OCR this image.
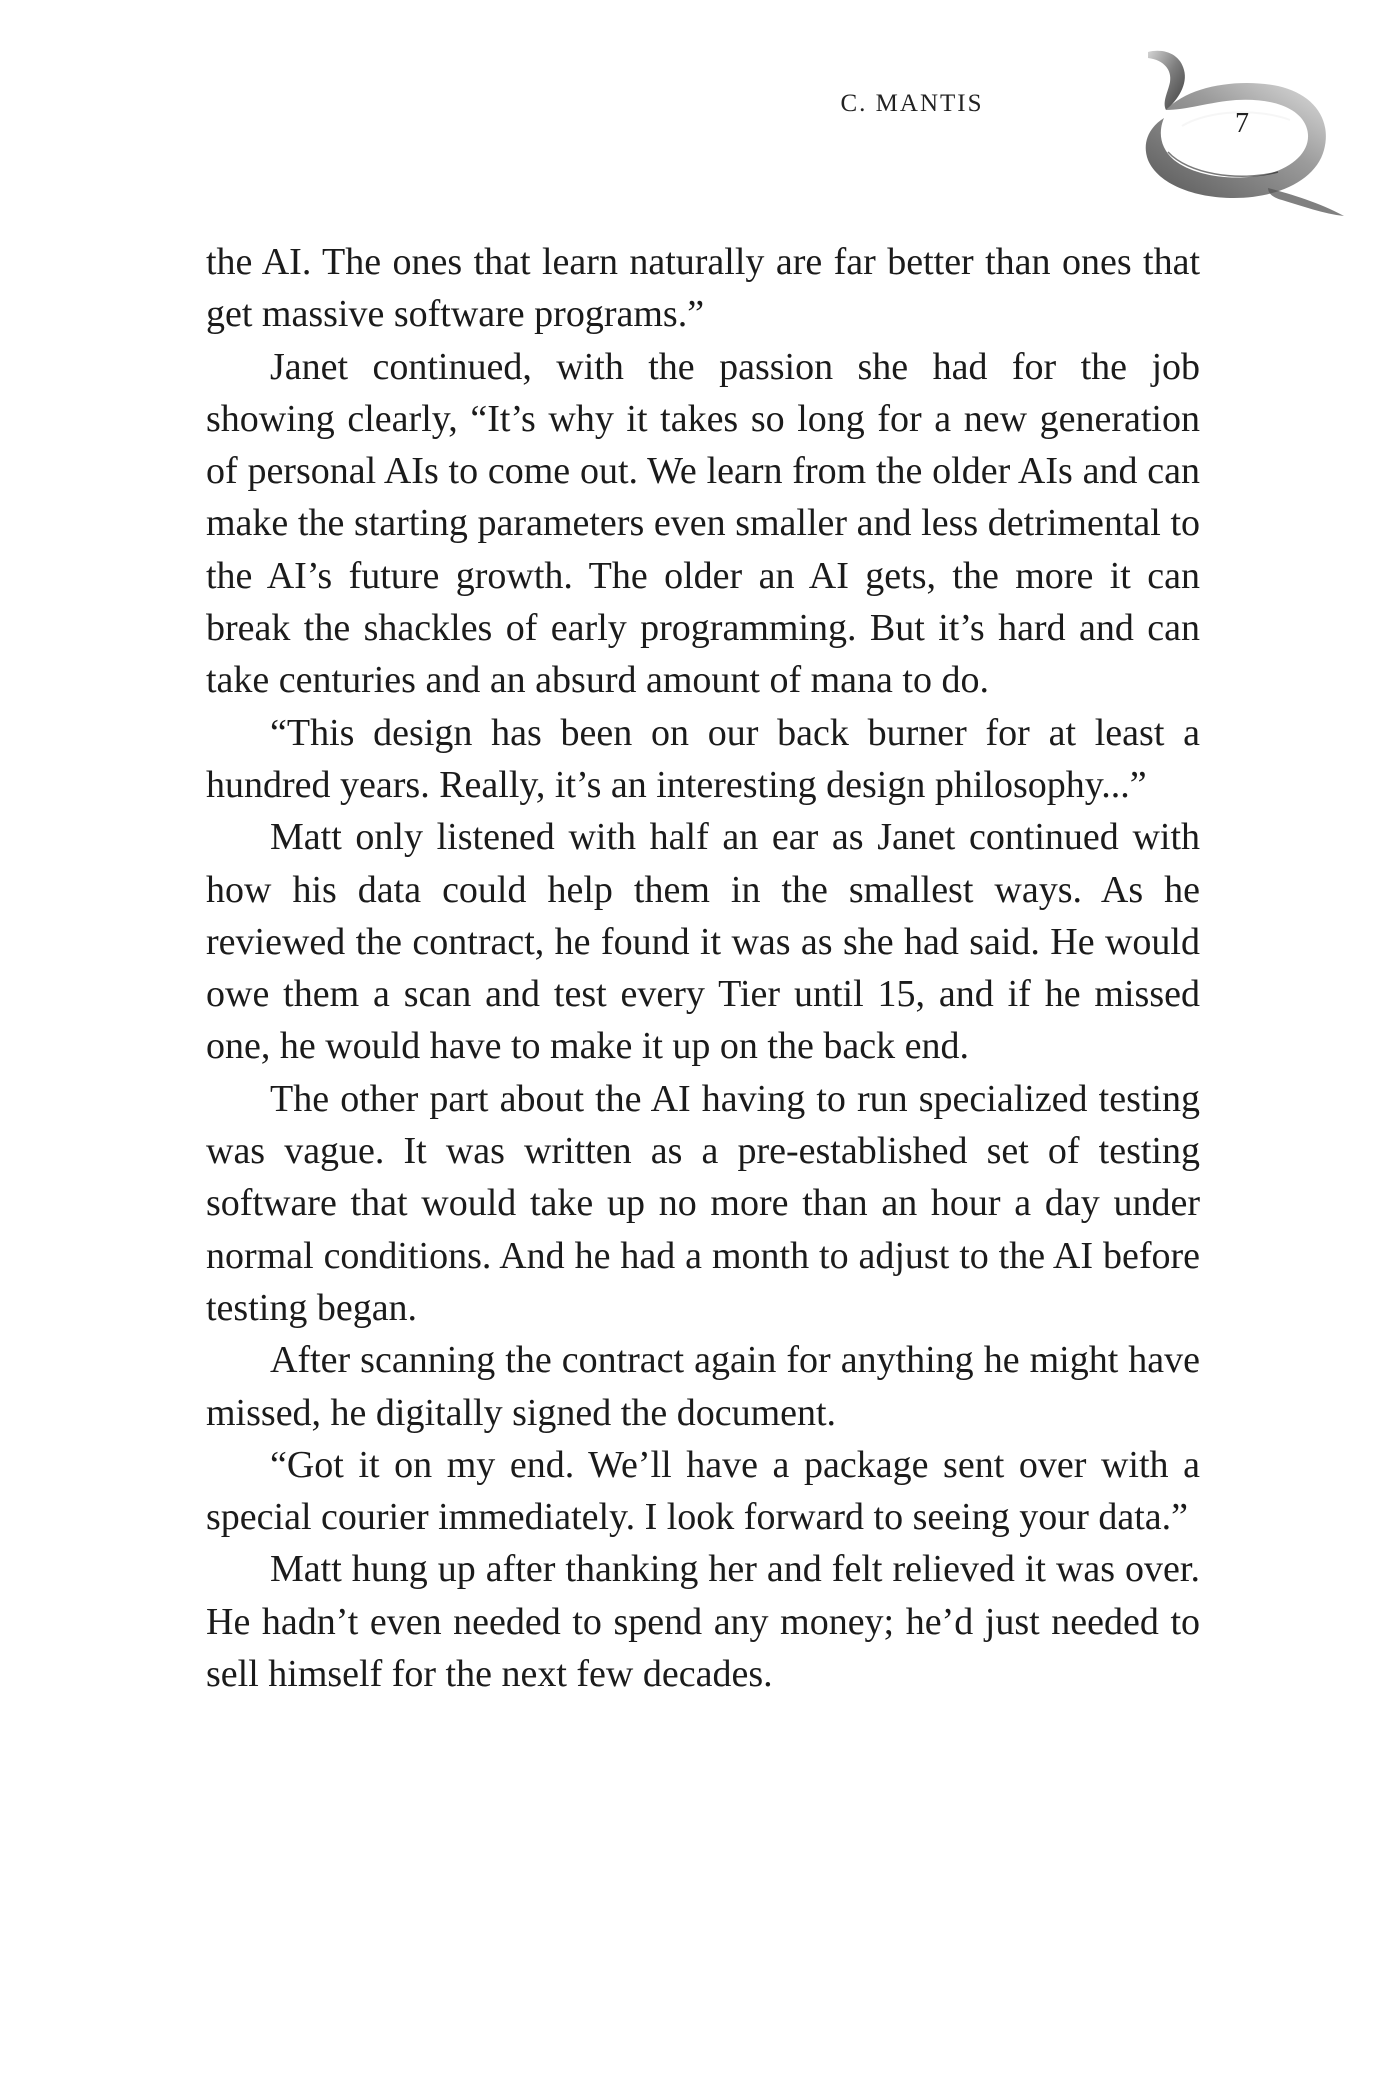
C. MANTIS
7

the AI. The ones that learn naturally are far better than ones that get massive software programs.”

Janet continued, with the passion she had for the job showing clearly, “It’s why it takes so long for a new generation of personal AIs to come out. We learn from the older AIs and can make the starting parameters even smaller and less detrimental to the AI’s future growth. The older an AI gets, the more it can break the shackles of early programming. But it’s hard and can take centuries and an absurd amount of mana to do.

“This design has been on our back burner for at least a hundred years. Really, it’s an interesting design philosophy...”

Matt only listened with half an ear as Janet continued with how his data could help them in the smallest ways. As he reviewed the contract, he found it was as she had said. He would owe them a scan and test every Tier until 15, and if he missed one, he would have to make it up on the back end.

The other part about the AI having to run specialized testing was vague. It was written as a pre-established set of testing software that would take up no more than an hour a day under normal conditions. And he had a month to adjust to the AI before testing began.

After scanning the contract again for anything he might have missed, he digitally signed the document.

“Got it on my end. We’ll have a package sent over with a special courier immediately. I look forward to seeing your data.”

Matt hung up after thanking her and felt relieved it was over. He hadn’t even needed to spend any money; he’d just needed to sell himself for the next few decades.
